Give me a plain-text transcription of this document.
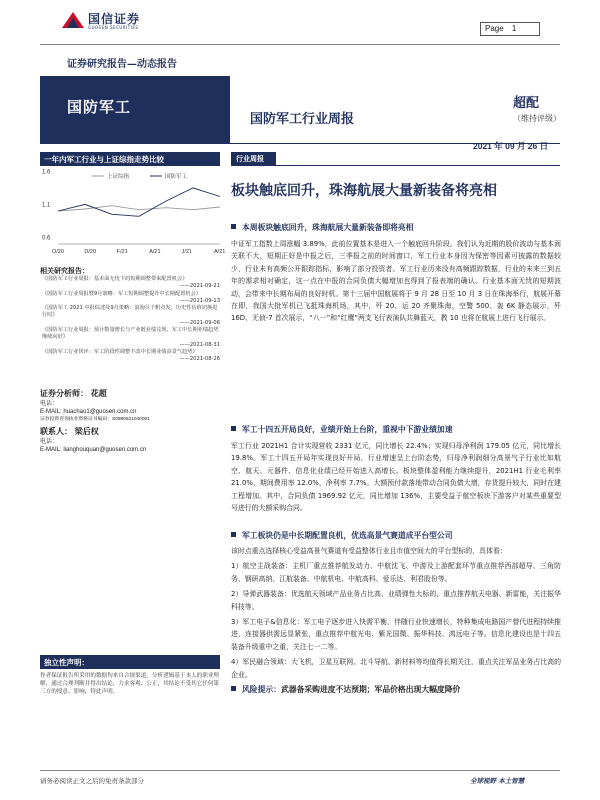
国信证券
GUOSEN SECURITIES	Page 1
证券研究报告—动态报告
国防军工
国防军工行业周报
超配
（维持评级）
2021 年 09 月 26 日
一年内军工行业与上证综指走势比较
上证综指	国防军工
0.6
1.1
1.6
O/20	D/20	F/21	A/21	J/21	A/21
相关研究报告：
《国防军工行业周报：基本面无忧下的短期调整带来配置机会》
——2021-09-21
《国防军工行业周报暨9月策略：军工短期调整提升中长期配置机会》
——2021-09-13
《国防军工 2021 中报综述及9月策略：浪淘尽千帆竞发，历史性估值切换进行时》
——2021-09-06
《国防军工行业周报：预计数量增长与产业链业绩兑现，军工中长期业绩趋势继续向好》
——2021-08-31
《国防军工行业快评：军工阶段性调整不改中长期业绩高景气趋势》
——2021-08-26
证券分析师： 花超
电话：
E-MAIL: huachao1@guosen.com.cn
证券投资咨询执业资格证书编码：S0980521040001
联系人： 梁后权
电话：
E-MAIL: lianghouquan@guosen.com.cn
独立性声明：
作者保证报告所采用的数据均来自合规渠道，分析逻辑基于本人的职业理解，通过合理判断并得出结论，力求客观、公正，其结论不受其它任何第三方的授意、影响，特此声明。
行业周报
板块触底回升，珠海航展大量新装备将亮相
本周板块触底回升，珠海航展大量新装备即将亮相
中证军工指数上周涨幅 3.89%，此前位置基本是进入一个触底回升阶段。我们认为近期的股价波动与基本面关联不大，短期正好是中报之后，三季报之前的时间窗口，军工行业本身因为保密等因素可披露的数据较少，行业未有高频公开跟踪指标，影响了部分投资者。军工行业历来没有高频跟踪数据，行业的未来三到五年的需求相对确定，这一点在中报的合同负债大幅增加也得到了报表端的确认。行业基本面无忧的短期波动，会带来中长期布局的良好时机。第十三届中国航展将于 9 月 28 日至 10 月 3 日在珠海举行，航展开幕在即，我国大批军机已飞抵珠海机场，其中，歼 20、运 20 齐聚珠海，空警 500、轰 6K 静态展示，歼 16D、无侦-7 首次展示，“八一”和“红鹰”两支飞行表演队共舞蓝天，教 10 也将在航展上进行飞行展示。
军工十四五开局良好，业绩开始上台阶，重视中下游业绩加速
军工行业 2021H1 合计实现营收 2331 亿元，同比增长 22.4%；实现归母净利润 179.05 亿元，同比增长 19.8%。军工十四五开局年实现良好开局，行业增速呈上台阶态势，归母净利润细分高景气子行业比如航空、航天、元器件、信息化业绩已经开始进入高增长。板块整体盈利能力继续提升，2021H1 行业毛利率 21.0%，期间费用率 12.0%，净利率 7.7%。大额预付款落地带动合同负债大增，存货提升较大，同时在建工程增加。其中，合同负债 1969.92 亿元，同比增加 136%，主要受益于航空板块下游客户对某些重要型号进行的大额采购合同。
军工板块仍是中长期配置良机，优选高景气赛道成平台型公司
该时点重点选择核心受益高景气赛道有受益整体行业且市值空间大的平台型标的，具体看：
1）航空主战装备：主机厂重点推荐航发动力、中航沈飞、中游及上游配套环节重点推荐西部超导、三角防务、钢研高纳、江航装备、中航机电、中航高科、爱乐达、利君股份等。
2）导弹武器装备：优选航天领域产品业务占比高、业绩弹性大标的，重点推荐航天电器、新雷能，关注振华科技等。
3）军工电子&信息化：军工电子逐步进入快需平衡，伴随行业快速增长，特种集成电路国产替代进程持续推进，连接器供需远显紧张，重点推荐中航光电、紫光国微、振华科技、鸿远电子等。信息化建设也是十四五装备升级重中之重，关注七一二等。
4）军民融合领域：大飞机，卫星互联网、北斗导航、新材料等均值得长期关注，重点关注军品业务占比高的企业。
风险提示：武器备采购进度不达预期；军品价格出现大幅度降价
请务必阅读正文之后的免责条款部分	全球视野 本土智慧
